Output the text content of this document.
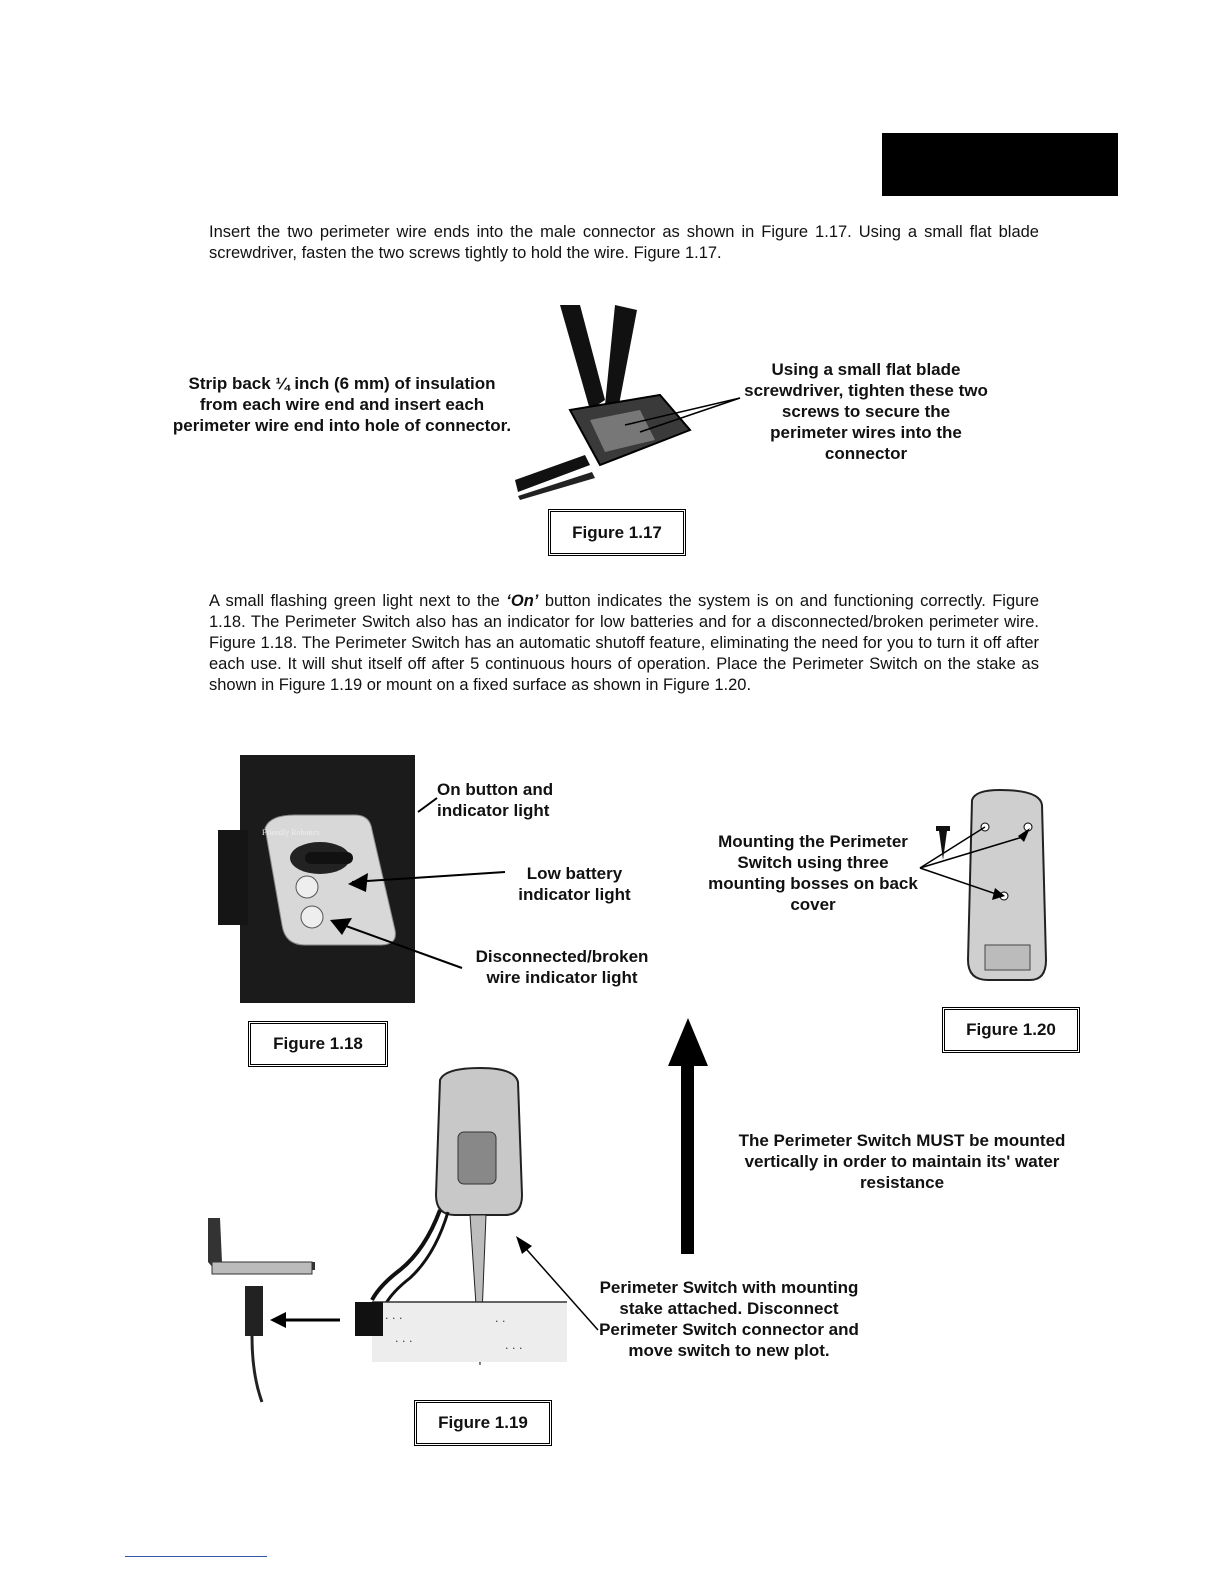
Insert the two perimeter wire ends into the male connector as shown in Figure 1.17. Using a small flat blade screwdriver, fasten the two screws tightly to hold the wire. Figure 1.17.
Friendly Robotics
· · ·
· · ·
· ·
· · ·
Strip back ¼ inch (6 mm) of insulation from each wire end and insert each perimeter wire end into hole of connector.
Using a small flat blade screwdriver, tighten these two screws to secure the perimeter wires into the connector
Figure 1.17
A small flashing green light next to the ‘On’ button indicates the system is on and functioning correctly. Figure 1.18. The Perimeter Switch also has an indicator for low batteries and for a disconnected/broken perimeter wire. Figure 1.18. The Perimeter Switch has an automatic shutoff feature, eliminating the need for you to turn it off after each use. It will shut itself off after 5 continuous hours of operation. Place the Perimeter Switch on the stake as shown in Figure 1.19 or mount on a fixed surface as shown in Figure 1.20.
On button and indicator light
Low battery indicator light
Disconnected/broken wire indicator light
Figure 1.18
Mounting the Perimeter Switch using three mounting bosses on back cover
Figure 1.20
The Perimeter Switch MUST be mounted vertically in order to maintain its' water resistance
Perimeter Switch with mounting stake attached. Disconnect Perimeter Switch connector and move switch to new plot.
Figure 1.19
